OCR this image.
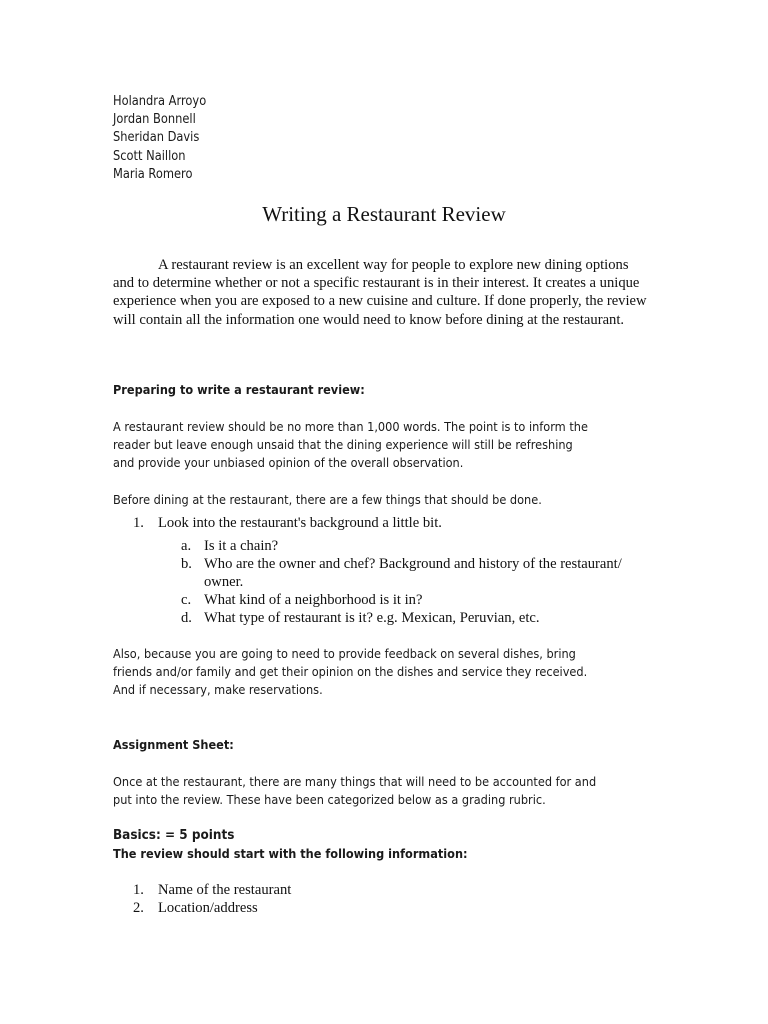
Holandra Arroyo
Jordan Bonnell
Sheridan Davis
Scott Naillon
Maria Romero
Writing a Restaurant Review
A restaurant review is an excellent way for people to explore new dining options and to determine whether or not a specific restaurant is in their interest. It creates a unique experience when you are exposed to a new cuisine and culture. If done properly, the review will contain all the information one would need to know before dining at the restaurant.
Preparing to write a restaurant review:
A restaurant review should be no more than 1,000 words. The point is to inform the
reader but leave enough unsaid that the dining experience will still be refreshing
and provide your unbiased opinion of the overall observation.
Before dining at the restaurant, there are a few things that should be done.
1. Look into the restaurant's background a little bit.
a. Is it a chain?
b. Who are the owner and chef? Background and history of the restaurant/ owner.
c. What kind of a neighborhood is it in?
d. What type of restaurant is it? e.g. Mexican, Peruvian, etc.
Also, because you are going to need to provide feedback on several dishes, bring
friends and/or family and get their opinion on the dishes and service they received.
And if necessary, make reservations.
Assignment Sheet:
Once at the restaurant, there are many things that will need to be accounted for and
put into the review. These have been categorized below as a grading rubric.
Basics: = 5 points
The review should start with the following information:
1. Name of the restaurant
2. Location/address
